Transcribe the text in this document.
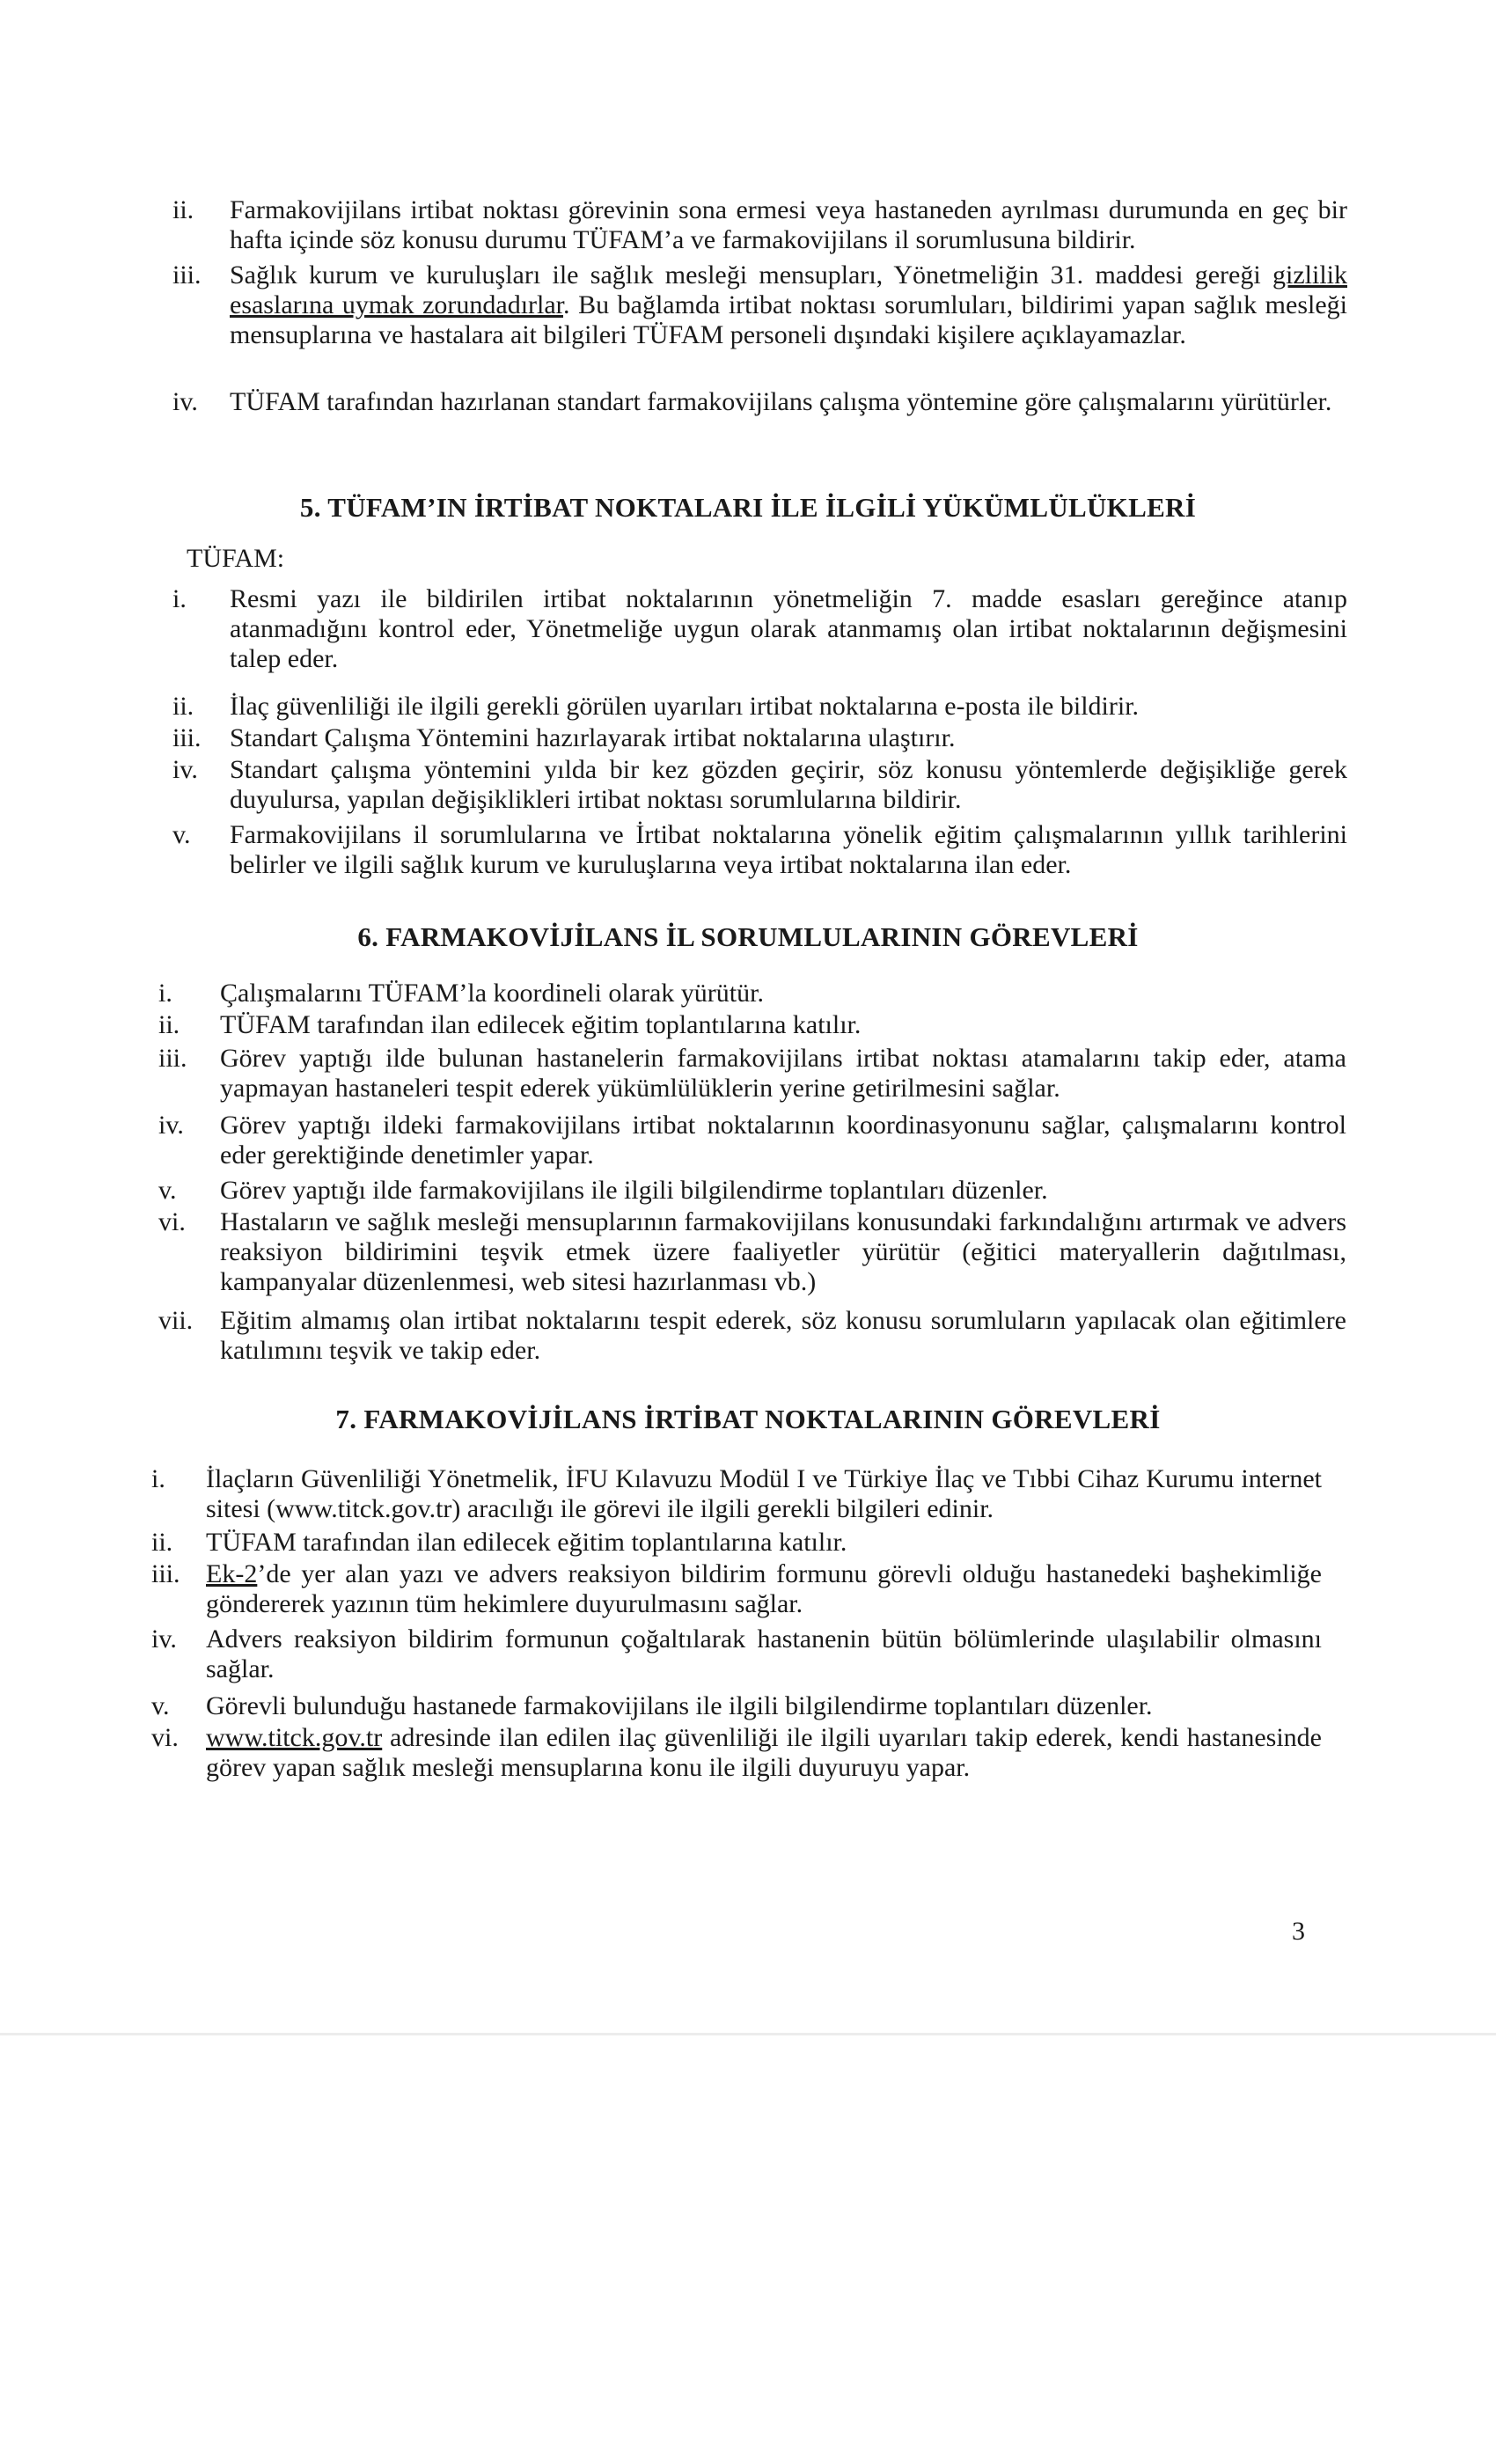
ii.	Farmakovijilans irtibat noktası görevinin sona ermesi veya hastaneden ayrılması durumunda en geç bir hafta içinde söz konusu durumu TÜFAM’a ve farmakovijilans il sorumlusuna bildirir.
iii.	Sağlık kurum ve kuruluşları ile sağlık mesleği mensupları, Yönetmeliğin 31. maddesi gereği gizlilik esaslarına uymak zorundadırlar. Bu bağlamda irtibat noktası sorumluları, bildirimi yapan sağlık mesleği mensuplarına ve hastalara ait bilgileri TÜFAM personeli dışındaki kişilere açıklayamazlar.
iv.	TÜFAM tarafından hazırlanan standart farmakovijilans çalışma yöntemine göre çalışmalarını yürütürler.
5. TÜFAM’IN İRTİBAT NOKTALARI İLE İLGİLİ YÜKÜMLÜLÜKLERİ
TÜFAM:
i.	Resmi yazı ile bildirilen irtibat noktalarının yönetmeliğin 7. madde esasları gereğince atanıp atanmadığını kontrol eder, Yönetmeliğe uygun olarak atanmamış olan irtibat noktalarının değişmesini talep eder.
ii.	İlaç güvenliliği ile ilgili gerekli görülen uyarıları irtibat noktalarına e-posta ile bildirir.
iii.	Standart Çalışma Yöntemini hazırlayarak irtibat noktalarına ulaştırır.
iv.	Standart çalışma yöntemini yılda bir kez gözden geçirir, söz konusu yöntemlerde değişikliğe gerek duyulursa, yapılan değişiklikleri irtibat noktası sorumlularına bildirir.
v.	Farmakovijilans il sorumlularına ve İrtibat noktalarına yönelik eğitim çalışmalarının yıllık tarihlerini belirler ve ilgili sağlık kurum ve kuruluşlarına veya irtibat noktalarına ilan eder.
6. FARMAKOVİJİLANS İL SORUMLULARININ GÖREVLERİ
i.	Çalışmalarını TÜFAM’la koordineli olarak yürütür.
ii.	TÜFAM tarafından ilan edilecek eğitim toplantılarına katılır.
iii.	Görev yaptığı ilde bulunan hastanelerin farmakovijilans irtibat noktası atamalarını takip eder, atama yapmayan hastaneleri tespit ederek yükümlülüklerin yerine getirilmesini sağlar.
iv.	Görev yaptığı ildeki farmakovijilans irtibat noktalarının koordinasyonunu sağlar, çalışmalarını kontrol eder gerektiğinde denetimler yapar.
v.	Görev yaptığı ilde farmakovijilans ile ilgili bilgilendirme toplantıları düzenler.
vi.	Hastaların ve sağlık mesleği mensuplarının farmakovijilans konusundaki farkındalığını artırmak ve advers reaksiyon bildirimini teşvik etmek üzere faaliyetler yürütür (eğitici materyallerin dağıtılması, kampanyalar düzenlenmesi, web sitesi hazırlanması vb.)
vii.	Eğitim almamış olan irtibat noktalarını tespit ederek, söz konusu sorumluların yapılacak olan eğitimlere katılımını teşvik ve takip eder.
7. FARMAKOVİJİLANS İRTİBAT NOKTALARININ GÖREVLERİ
i.	İlaçların Güvenliliği Yönetmelik, İFU Kılavuzu Modül I ve Türkiye İlaç ve Tıbbi Cihaz Kurumu internet sitesi (www.titck.gov.tr) aracılığı ile görevi ile ilgili gerekli bilgileri edinir.
ii.	TÜFAM tarafından ilan edilecek eğitim toplantılarına katılır.
iii. Ek-2’de yer alan yazı ve advers reaksiyon bildirim formunu görevli olduğu hastanedeki başhekimliğe göndererek yazının tüm hekimlere duyurulmasını sağlar.
iv.	Advers reaksiyon bildirim formunun çoğaltılarak hastanenin bütün bölümlerinde ulaşılabilir olmasını sağlar.
v.	Görevli bulunduğu hastanede farmakovijilans ile ilgili bilgilendirme toplantıları düzenler.
vi.	www.titck.gov.tr adresinde ilan edilen ilaç güvenliliği ile ilgili uyarıları takip ederek, kendi hastanesinde görev yapan sağlık mesleği mensuplarına konu ile ilgili duyuruyu yapar.
3
